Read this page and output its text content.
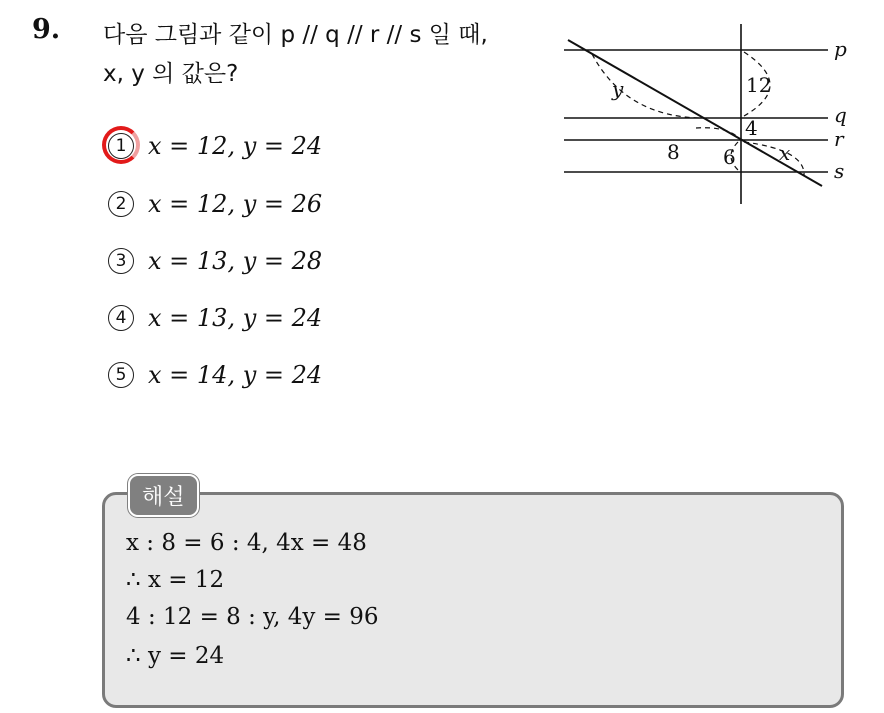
9. 다음 그림과 같이 p // q // r // s 일 때,
x, y 의 값은?
1 x = 12, y = 24
2 x = 12, y = 26
3 x = 13, y = 28
4 x = 13, y = 24
5 x = 14, y = 24
y	12
4
8 6 x
p
q
r
s
해설
x : 8 = 6 : 4, 4x = 48
∴ x = 12
4 : 12 = 8 : y, 4y = 96
∴ y = 24
